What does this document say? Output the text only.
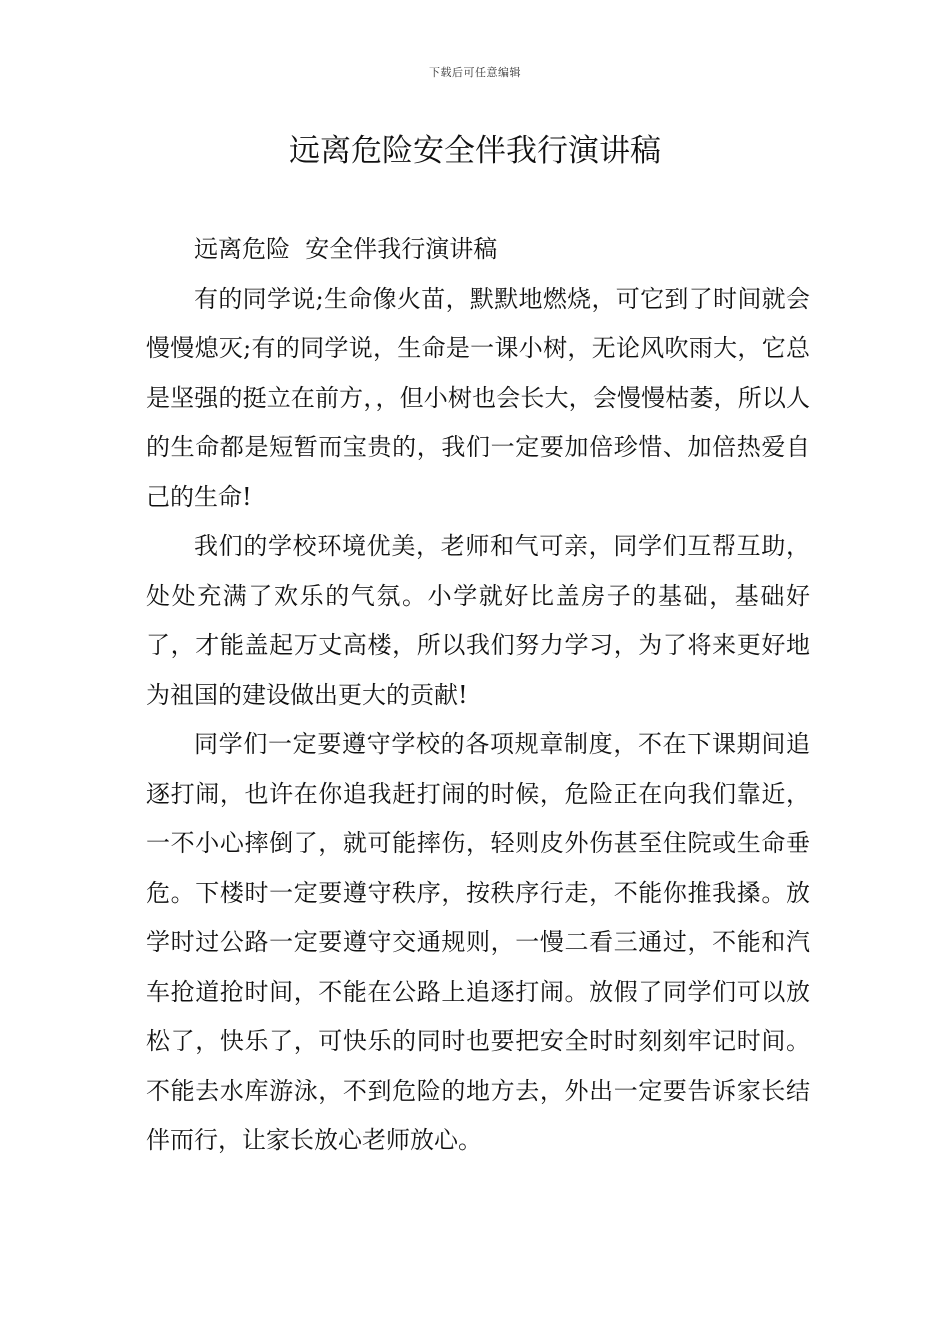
下载后可任意编辑
远离危险安全伴我行演讲稿

远离危险  安全伴我行演讲稿

有的同学说;生命像火苗，默默地燃烧，可它到了时间就会慢慢熄灭;有的同学说，生命是一课小树，无论风吹雨大，它总是坚强的挺立在前方，，但小树也会长大，会慢慢枯萎，所以人的生命都是短暂而宝贵的，我们一定要加倍珍惜、加倍热爱自己的生命!

我们的学校环境优美，老师和气可亲，同学们互帮互助，处处充满了欢乐的气氛。小学就好比盖房子的基础，基础好了，才能盖起万丈高楼，所以我们努力学习，为了将来更好地为祖国的建设做出更大的贡献!

同学们一定要遵守学校的各项规章制度，不在下课期间追逐打闹，也许在你追我赶打闹的时候，危险正在向我们靠近，一不小心摔倒了，就可能摔伤，轻则皮外伤甚至住院或生命垂危。下楼时一定要遵守秩序，按秩序行走，不能你推我搡。放学时过公路一定要遵守交通规则，一慢二看三通过，不能和汽车抢道抢时间，不能在公路上追逐打闹。放假了同学们可以放松了，快乐了，可快乐的同时也要把安全时时刻刻牢记时间。不能去水库游泳，不到危险的地方去，外出一定要告诉家长结伴而行，让家长放心老师放心。
